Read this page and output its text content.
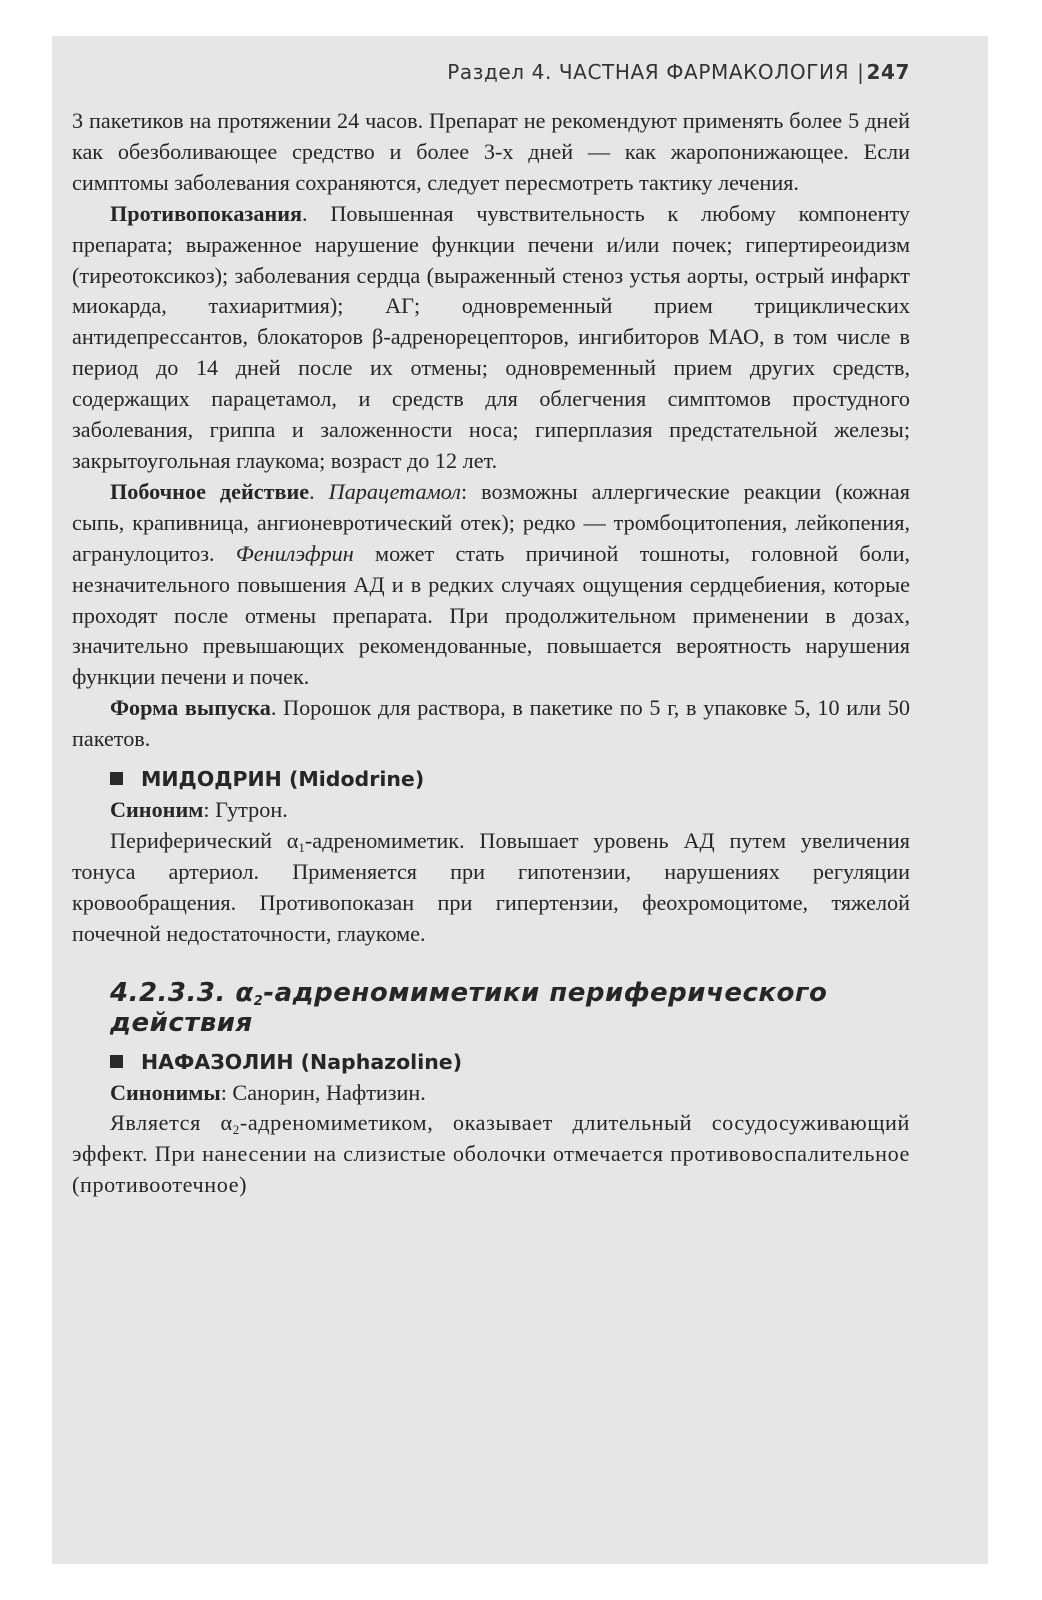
Раздел 4. ЧАСТНАЯ ФАРМАКОЛОГИЯ | 247

3 пакетиков на протяжении 24 часов. Препарат не рекомендуют применять более 5 дней как обезболивающее средство и более 3-х дней — как жаропонижающее. Если симптомы заболевания сохраняются, следует пересмотреть тактику лечения.

Противопоказания. Повышенная чувствительность к любому компоненту препарата; выраженное нарушение функции печени и/или почек; гипертиреоидизм (тиреотоксикоз); заболевания сердца (выраженный стеноз устья аорты, острый инфаркт миокарда, тахиаритмия); АГ; одновременный прием трициклических антидепрессантов, блокаторов β-адренорецепторов, ингибиторов МАО, в том числе в период до 14 дней после их отмены; одновременный прием других средств, содержащих парацетамол, и средств для облегчения симптомов простудного заболевания, гриппа и заложенности носа; гиперплазия предстательной железы; закрытоугольная глаукома; возраст до 12 лет.

Побочное действие. Парацетамол: возможны аллергические реакции (кожная сыпь, крапивница, ангионевротический отек); редко — тромбоцитопения, лейкопения, агранулоцитоз. Фенилэфрин может стать причиной тошноты, головной боли, незначительного повышения АД и в редких случаях ощущения сердцебиения, которые проходят после отмены препарата. При продолжительном применении в дозах, значительно превышающих рекомендованные, повышается вероятность нарушения функции печени и почек.

Форма выпуска. Порошок для раствора, в пакетике по 5 г, в упаковке 5, 10 или 50 пакетов.

МИДОДРИН (Midodrine)

Синоним: Гутрон.

Периферический $\alpha_1$-адреномиметик. Повышает уровень АД путем увеличения тонуса артериол. Применяется при гипотензии, нарушениях регуляции кровообращения. Противопоказан при гипертензии, феохромоцитоме, тяжелой почечной недостаточности, глаукоме.

4.2.3.3. $\alpha_2$-адреномиметики периферического действия
НАФАЗОЛИН (Naphazoline)

Синонимы: Санорин, Нафтизин.

Является $\alpha_2$-адреномиметиком, оказывает длительный сосудосуживающий эффект. При нанесении на слизистые оболочки отмечается противовоспалительное (противоотечное)
